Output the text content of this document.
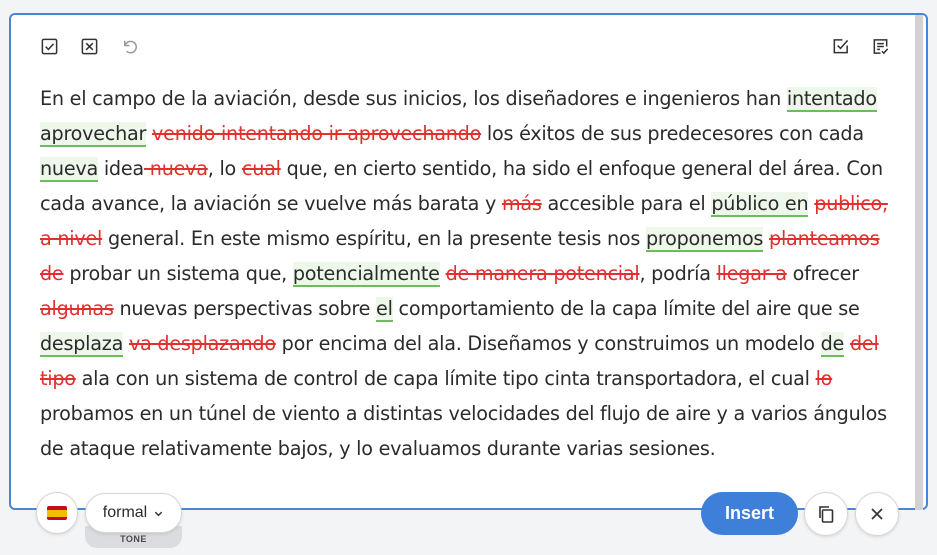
En el campo de la aviación, desde sus inicios, los diseñadores e ingenieros han intentado aprovechar venido intentando ir aprovechando los éxitos de sus predecesores con cada nueva idea nueva, lo cual que, en cierto sentido, ha sido el enfoque general del área. Con cada avance, la aviación se vuelve más barata y más accesible para el público en publico, a nivel general. En este mismo espíritu, en la presente tesis nos proponemos planteamos de probar un sistema que, potencialmente de manera potencial, podría llegar a ofrecer algunas nuevas perspectivas sobre el comportamiento de la capa límite del aire que se desplaza va desplazando por encima del ala. Diseñamos y construimos un modelo de del tipo ala con un sistema de control de capa límite tipo cinta transportadora, el cual lo probamos en un túnel de viento a distintas velocidades del flujo de aire y a varios ángulos de ataque relativamente bajos, y lo evaluamos durante varias sesiones.
TONE
formal	Insert
